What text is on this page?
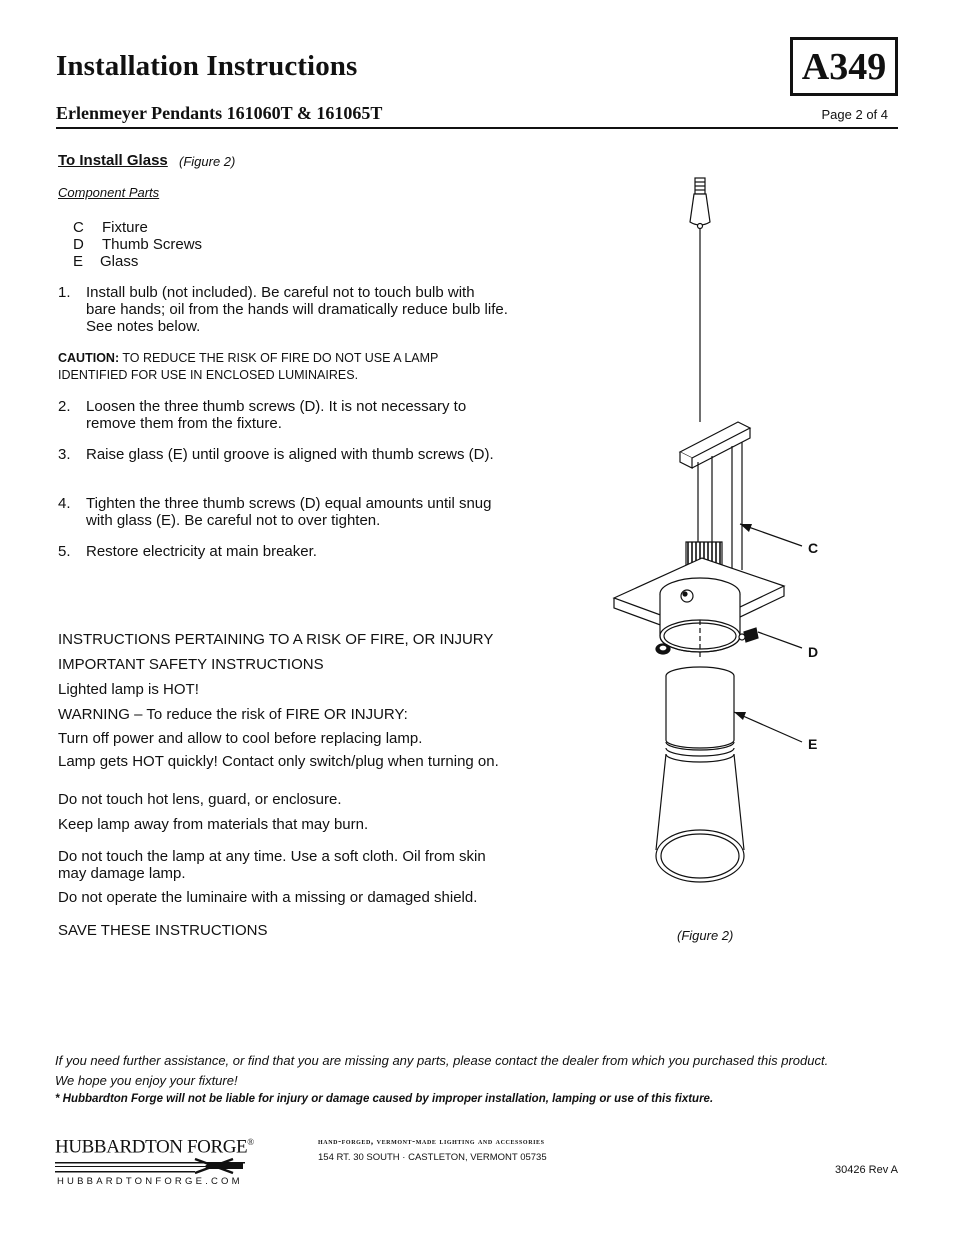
Installation Instructions
Erlenmeyer Pendants 161060T & 161065T
A349
Page 2 of 4
To Install Glass (Figure 2)
Component Parts
C Fixture
D Thumb Screws
E Glass
1. Install bulb (not included). Be careful not to touch bulb with bare hands; oil from the hands will dramatically reduce bulb life. See notes below.
CAUTION: TO REDUCE THE RISK OF FIRE DO NOT USE A LAMP IDENTIFIED FOR USE IN ENCLOSED LUMINAIRES.
2. Loosen the three thumb screws (D). It is not necessary to remove them from the fixture.
3. Raise glass (E) until groove is aligned with thumb screws (D).
4. Tighten the three thumb screws (D) equal amounts until snug with glass (E). Be careful not to over tighten.
5. Restore electricity at main breaker.
INSTRUCTIONS PERTAINING TO A RISK OF FIRE, OR INJURY
IMPORTANT SAFETY INSTRUCTIONS
Lighted lamp is HOT!
WARNING – To reduce the risk of FIRE OR INJURY:
Turn off power and allow to cool before replacing lamp.
Lamp gets HOT quickly! Contact only switch/plug when turning on.
Do not touch hot lens, guard, or enclosure.
Keep lamp away from materials that may burn.
Do not touch the lamp at any time. Use a soft cloth. Oil from skin may damage lamp.
Do not operate the luminaire with a missing or damaged shield.
SAVE THESE INSTRUCTIONS
C
D
E
(Figure 2)
If you need further assistance, or find that you are missing any parts, please contact the dealer from which you purchased this product.
We hope you enjoy your fixture!
* Hubbardton Forge will not be liable for injury or damage caused by improper installation, lamping or use of this fixture.
HUBBARDTON FORGE®
HUBBARDTONFORGE.COM
hand-forged, vermont-made lighting and accessories
154 RT. 30 SOUTH · CASTLETON, VERMONT 05735
30426 Rev A
